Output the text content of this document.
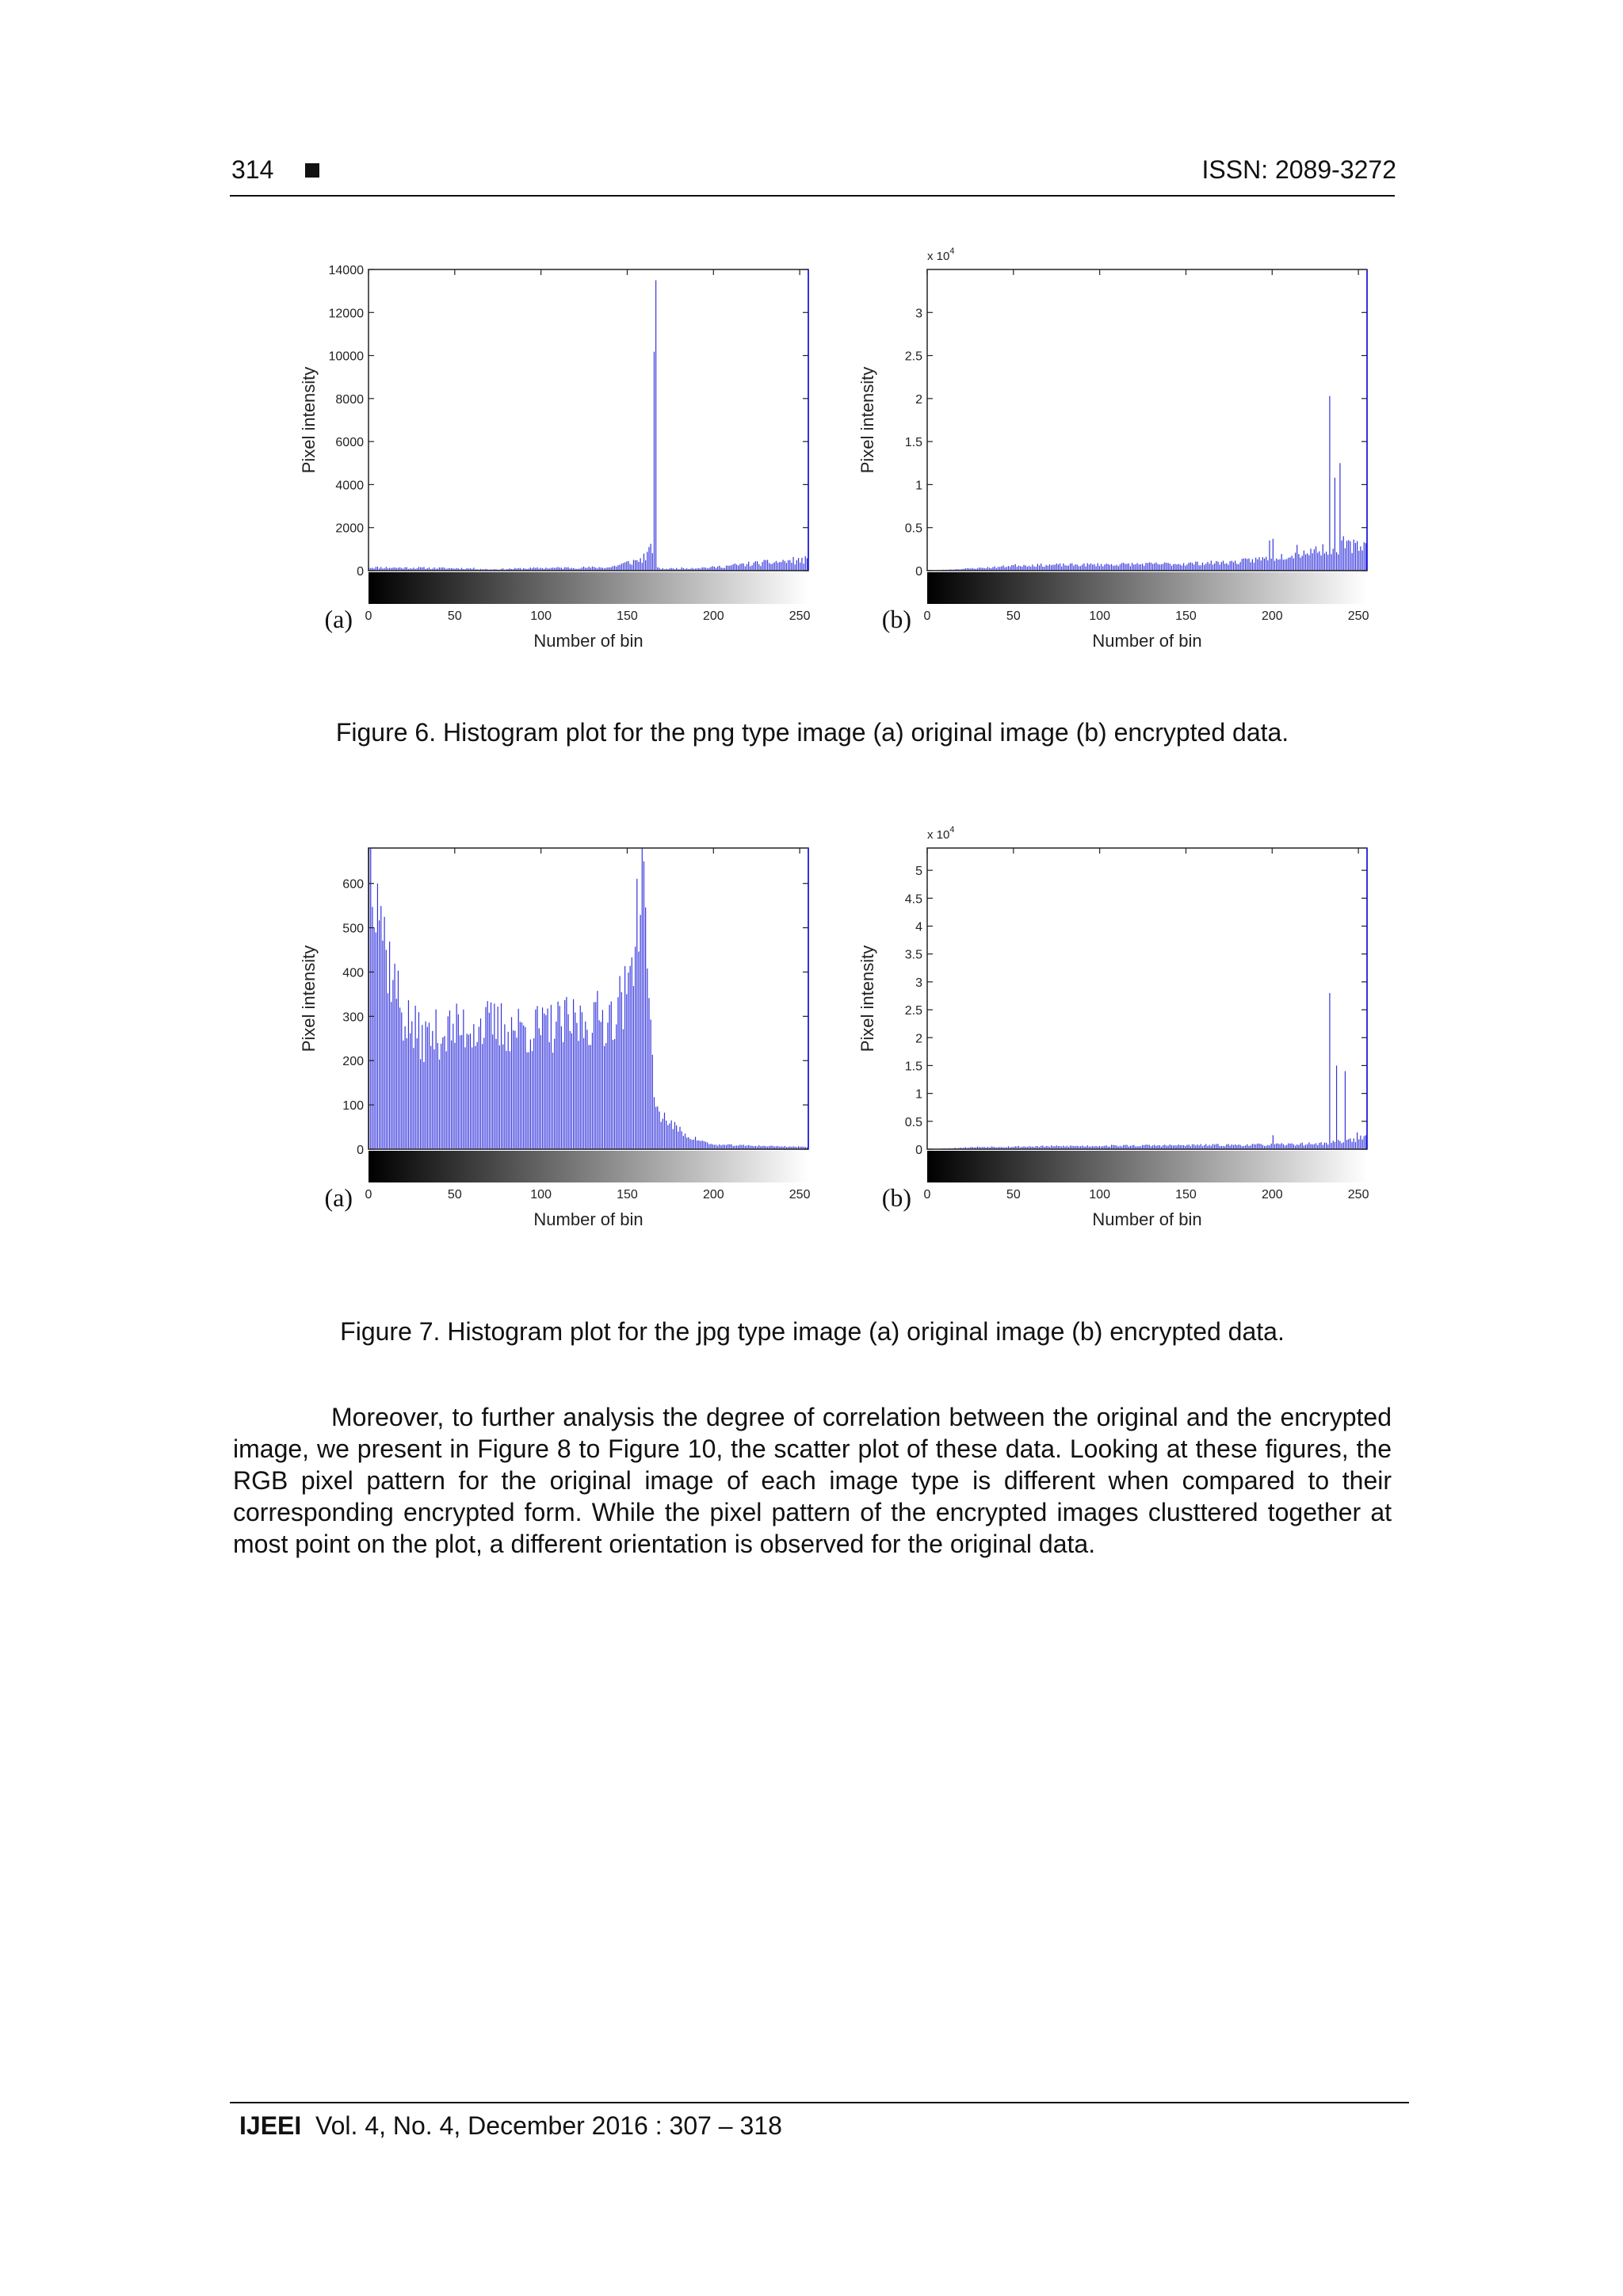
314	ISSN: 2089-3272
0
2000
4000
6000
8000
10000
12000
14000
0	50	100	150	200	250
Number of bin
Pixel intensity
(a)
0
0.5
1
1.5
2
2.5
3
0	50	100	150	200	250
Number of bin
Pixel intensity
x $10^4$
(b)
Figure 6. Histogram plot for the png type image (a) original image (b) encrypted data.
0
100
200
300
400
500
600
0	50	100	150	200	250
Number of bin
Pixel intensity
(a)
0
0.5
1
1.5
2
2.5
3
3.5
4
4.5
5
0	50	100	150	200	250
Number of bin
Pixel intensity
x $10^4$
(b)
Figure 7. Histogram plot for the jpg type image (a) original image (b) encrypted data.

Moreover, to further analysis the degree of correlation between the original and the encrypted image, we present in Figure 8 to Figure 10, the scatter plot of these data. Looking at these figures, the RGB pixel pattern for the original image of each image type is different when compared to their corresponding encrypted form. While the pixel pattern of the encrypted images clusttered together at most point on the plot, a different orientation is observed for the original data.

IJEEI Vol. 4, No. 4, December 2016 : 307 – 318
